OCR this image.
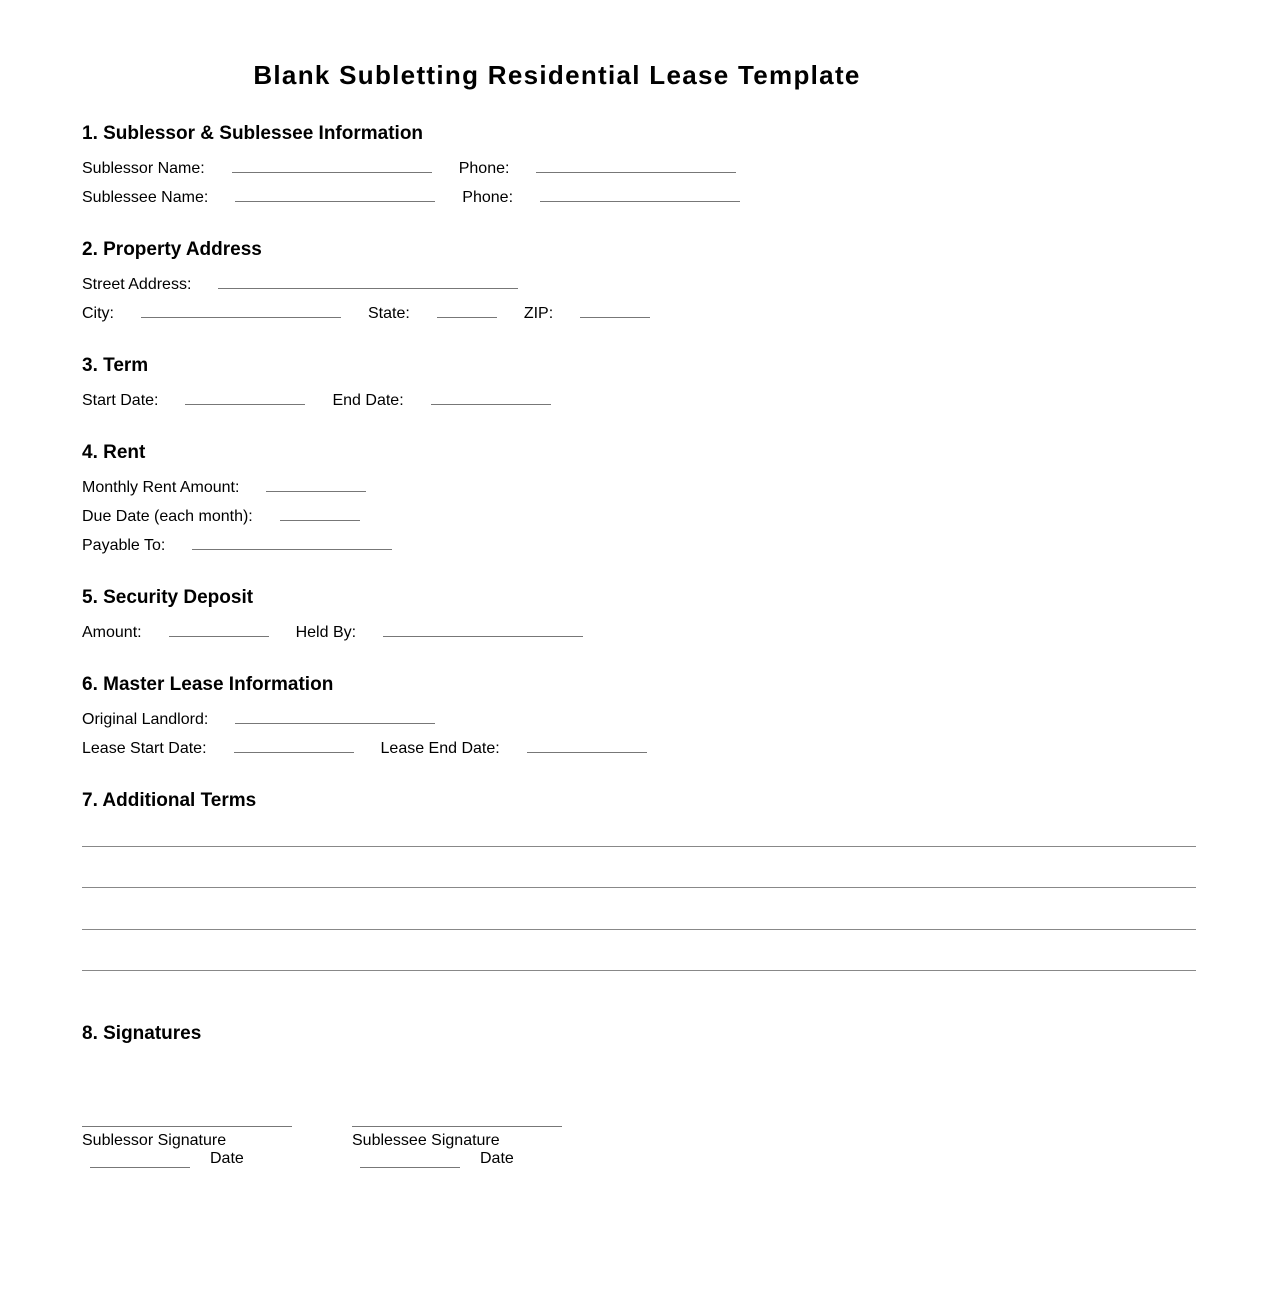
Blank Subletting Residential Lease Template
1. Sublessor & Sublessee Information
Sublessor Name:	Phone:
Sublessee Name:	Phone:
2. Property Address
Street Address:
City:	State:	ZIP:
3. Term
Start Date:	End Date:
4. Rent
Monthly Rent Amount:
Due Date (each month):
Payable To:
5. Security Deposit
Amount:	Held By:
6. Master Lease Information
Original Landlord:
Lease Start Date:	Lease End Date:
7. Additional Terms
8. Signatures
Sublessor Signature
Date
Sublessee Signature
Date
